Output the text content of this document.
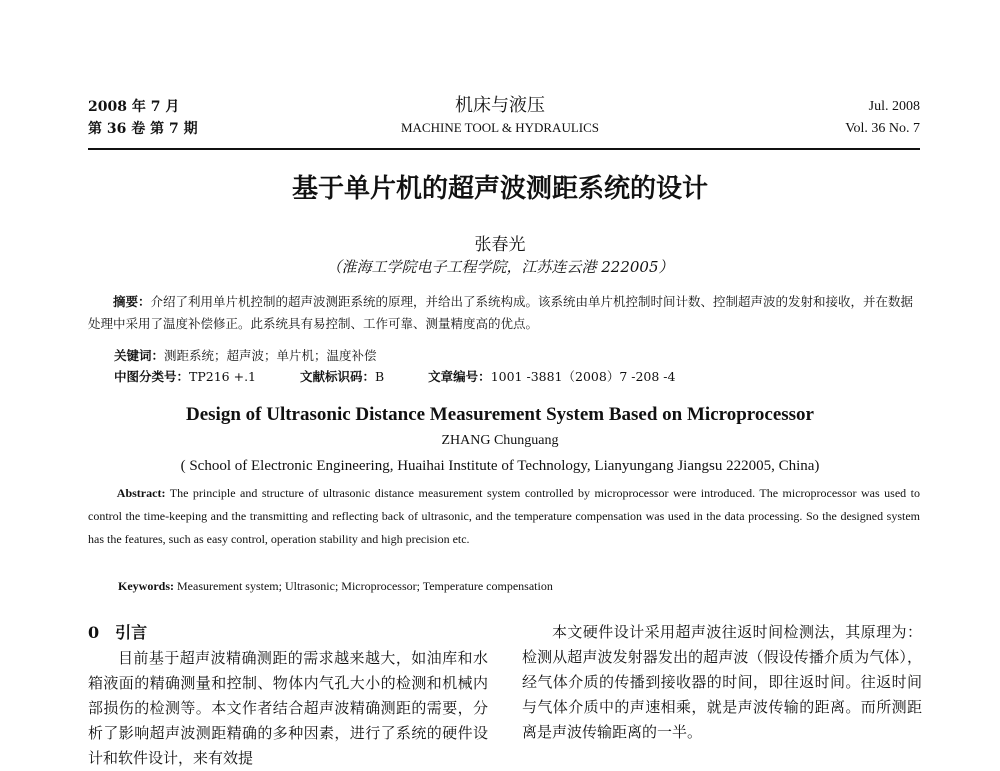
2008 年 7 月
第 36 卷 第 7 期
机床与液压
MACHINE TOOL & HYDRAULICS
Jul. 2008
Vol. 36 No. 7
基于单片机的超声波测距系统的设计
张春光
（淮海工学院电子工程学院，江苏连云港 222005）
摘要：介绍了利用单片机控制的超声波测距系统的原理，并给出了系统构成。该系统由单片机控制时间计数、控制超声波的发射和接收，并在数据处理中采用了温度补偿修正。此系统具有易控制、工作可靠、测量精度高的优点。
关键词：测距系统；超声波；单片机；温度补偿
中图分类号：TP216 +.1	文献标识码：B	文章编号：1001 -3881（2008）7 -208 -4
Design of Ultrasonic Distance Measurement System Based on Microprocessor
ZHANG Chunguang
( School of Electronic Engineering, Huaihai Institute of Technology, Lianyungang Jiangsu 222005, China)
Abstract: The principle and structure of ultrasonic distance measurement system controlled by microprocessor were introduced. The microprocessor was used to control the time-keeping and the transmitting and reflecting back of ultrasonic, and the temperature compensation was used in the data processing. So the designed system has the features, such as easy control, operation stability and high precision etc.
Keywords: Measurement system; Ultrasonic; Microprocessor; Temperature compensation
0　引言
目前基于超声波精确测距的需求越来越大，如油库和水箱液面的精确测量和控制、物体内气孔大小的检测和机械内部损伤的检测等。本文作者结合超声波精确测距的需要，分析了影响超声波测距精确的多种因素，进行了系统的硬件设计和软件设计，来有效提
本文硬件设计采用超声波往返时间检测法，其原理为：检测从超声波发射器发出的超声波（假设传播介质为气体），经气体介质的传播到接收器的时间，即往返时间。往返时间与气体介质中的声速相乘，就是声波传输的距离。而所测距离是声波传输距离的一半。
